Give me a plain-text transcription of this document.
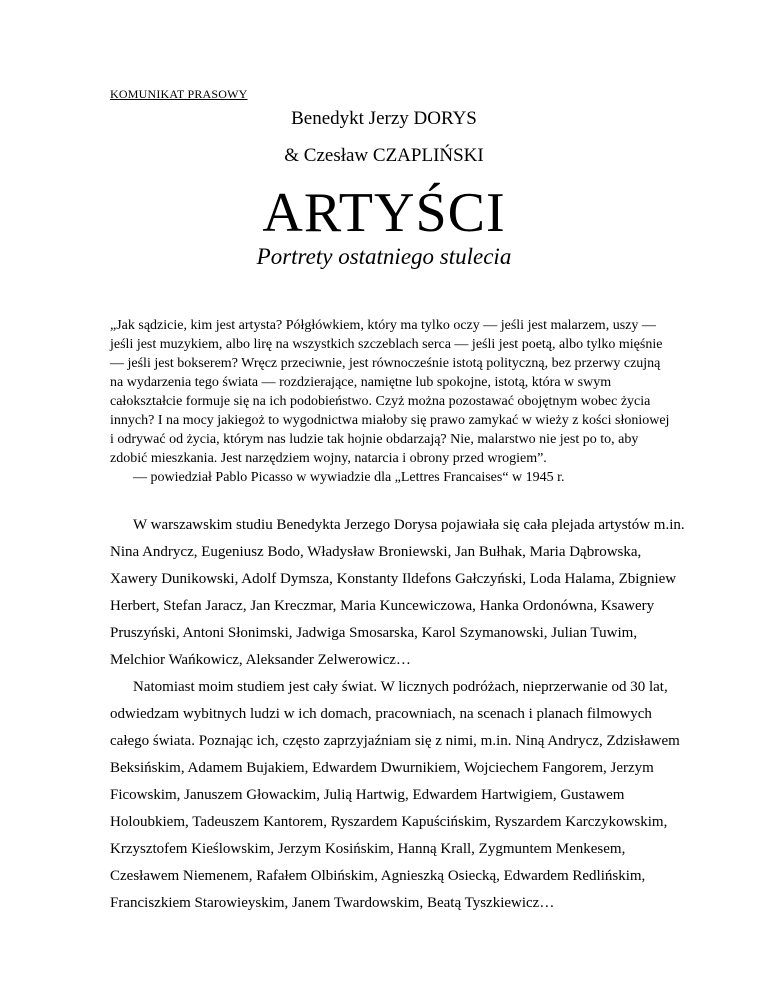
KOMUNIKAT PRASOWY
Benedykt Jerzy DORYS
& Czesław CZAPLIŃSKI
ARTYŚCI
Portrety ostatniego stulecia

„Jak sądzicie, kim jest artysta? Półgłówkiem, który ma tylko oczy — jeśli jest malarzem, uszy — jeśli jest muzykiem, albo lirę na wszystkich szczeblach serca — jeśli jest poetą, albo tylko mięśnie — jeśli jest bokserem? Wręcz przeciwnie, jest równocześnie istotą polityczną, bez przerwy czujną na wydarzenia tego świata — rozdzierające, namiętne lub spokojne, istotą, która w swym całokształcie formuje się na ich podobieństwo. Czyż można pozostawać obojętnym wobec życia innych? I na mocy jakiegoż to wygodnictwa miałoby się prawo zamykać w wieży z kości słoniowej i odrywać od życia, którym nas ludzie tak hojnie obdarzają? Nie, malarstwo nie jest po to, aby zdobić mieszkania. Jest narzędziem wojny, natarcia i obrony przed wrogiem”.

— powiedział Pablo Picasso w wywiadzie dla „Lettres Francaises“ w 1945 r.

W warszawskim studiu Benedykta Jerzego Dorysa pojawiała się cała plejada artystów m.in. Nina Andrycz, Eugeniusz Bodo, Władysław Broniewski, Jan Bułhak, Maria Dąbrowska, Xawery Dunikowski, Adolf Dymsza, Konstanty Ildefons Gałczyński, Loda Halama, Zbigniew Herbert, Stefan Jaracz, Jan Kreczmar, Maria Kuncewiczowa, Hanka Ordonówna, Ksawery Pruszyński, Antoni Słonimski, Jadwiga Smosarska, Karol Szymanowski, Julian Tuwim, Melchior Wańkowicz, Aleksander Zelwerowicz…

Natomiast moim studiem jest cały świat. W licznych podróżach, nieprzerwanie od 30 lat, odwiedzam wybitnych ludzi w ich domach, pracowniach, na scenach i planach filmowych całego świata. Poznając ich, często zaprzyjaźniam się z nimi, m.in. Niną Andrycz, Zdzisławem Beksińskim, Adamem Bujakiem, Edwardem Dwurnikiem, Wojciechem Fangorem, Jerzym Ficowskim, Januszem Głowackim, Julią Hartwig, Edwardem Hartwigiem, Gustawem Holoubkiem, Tadeuszem Kantorem, Ryszardem Kapuścińskim, Ryszardem Karczykowskim, Krzysztofem Kieślowskim, Jerzym Kosińskim, Hanną Krall, Zygmuntem Menkesem, Czesławem Niemenem, Rafałem Olbińskim, Agnieszką Osiecką, Edwardem Redlińskim, Franciszkiem Starowieyskim, Janem Twardowskim, Beatą Tyszkiewicz…
